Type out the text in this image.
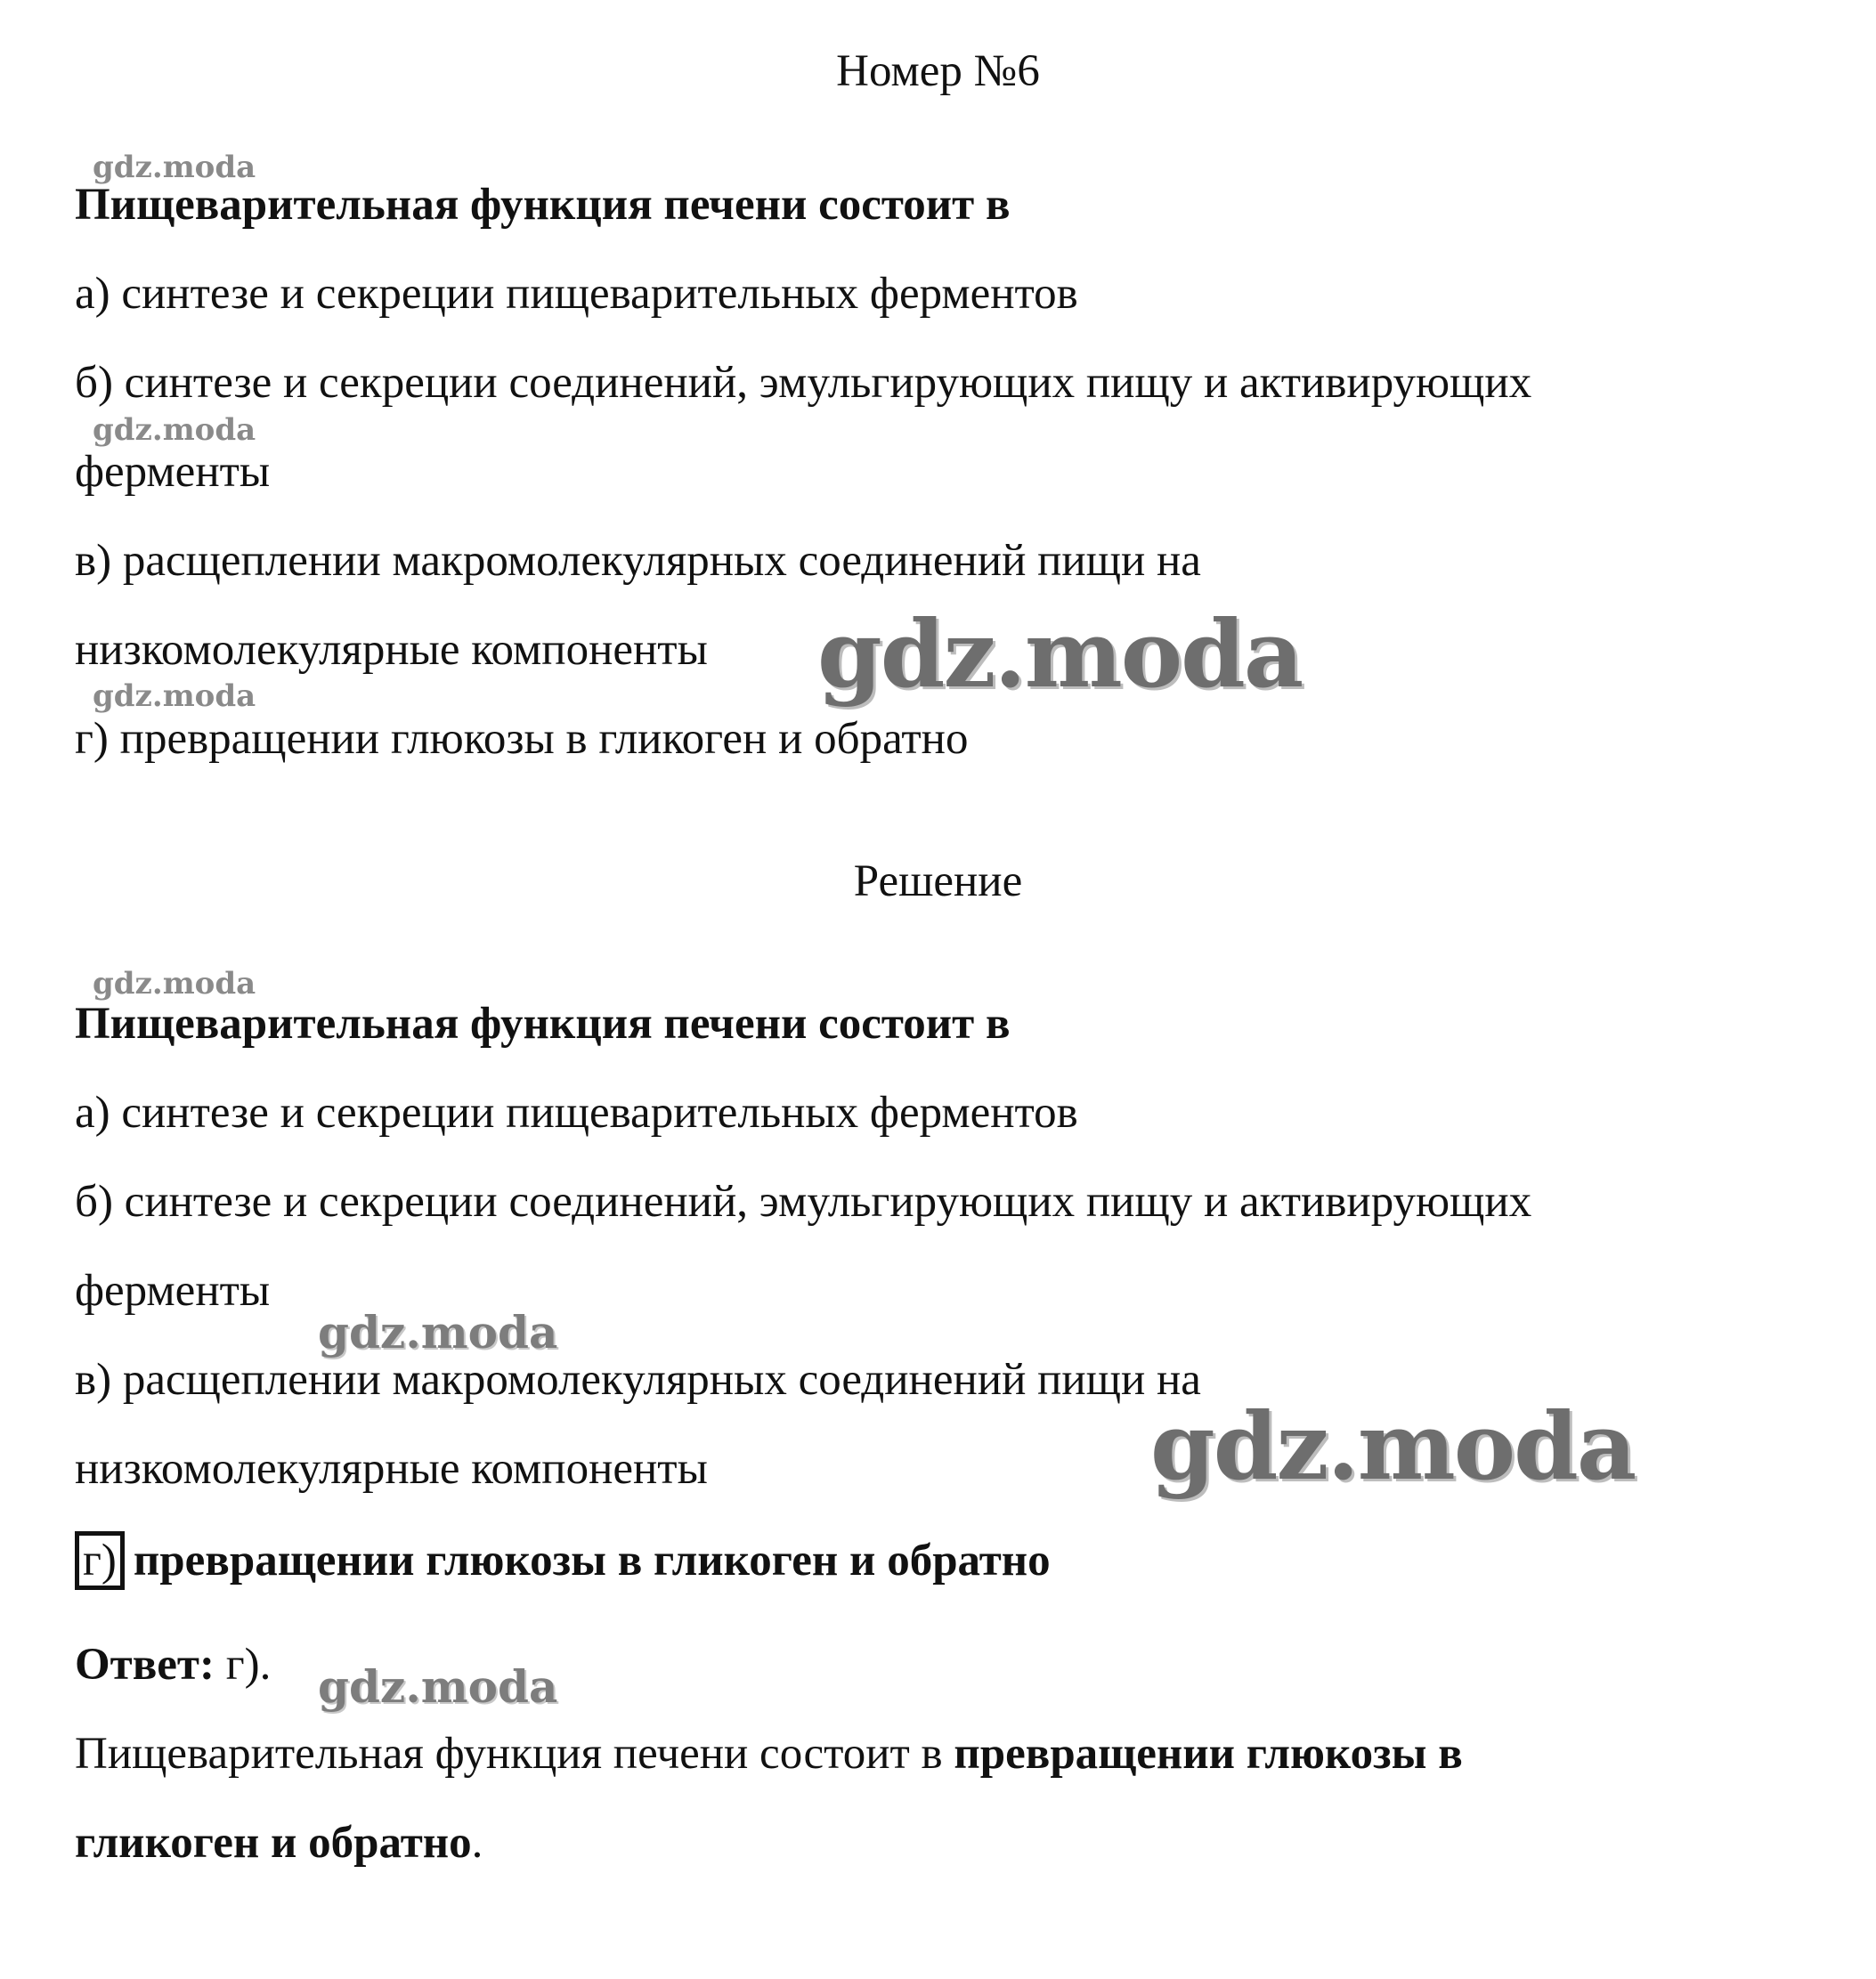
Номер №6
gdz.moda
Пищеварительная функция печени состоит в
а) синтезе и секреции пищеварительных ферментов
б) синтезе и секреции соединений, эмульгирующих пищу и активирующих
gdz.moda
ферменты
в) расщеплении макромолекулярных соединений пищи на
низкомолекулярные компоненты gdz.moda
gdz.moda
г) превращении глюкозы в гликоген и обратно
Решение
gdz.moda
Пищеварительная функция печени состоит в
а) синтезе и секреции пищеварительных ферментов
б) синтезе и секреции соединений, эмульгирующих пищу и активирующих
ферменты
gdz.moda
в) расщеплении макромолекулярных соединений пищи на
низкомолекулярные компоненты	gdz.moda
г) превращении глюкозы в гликоген и обратно
Ответ: г). gdz.moda
Пищеварительная функция печени состоит в превращении глюкозы в
гликоген и обратно.
